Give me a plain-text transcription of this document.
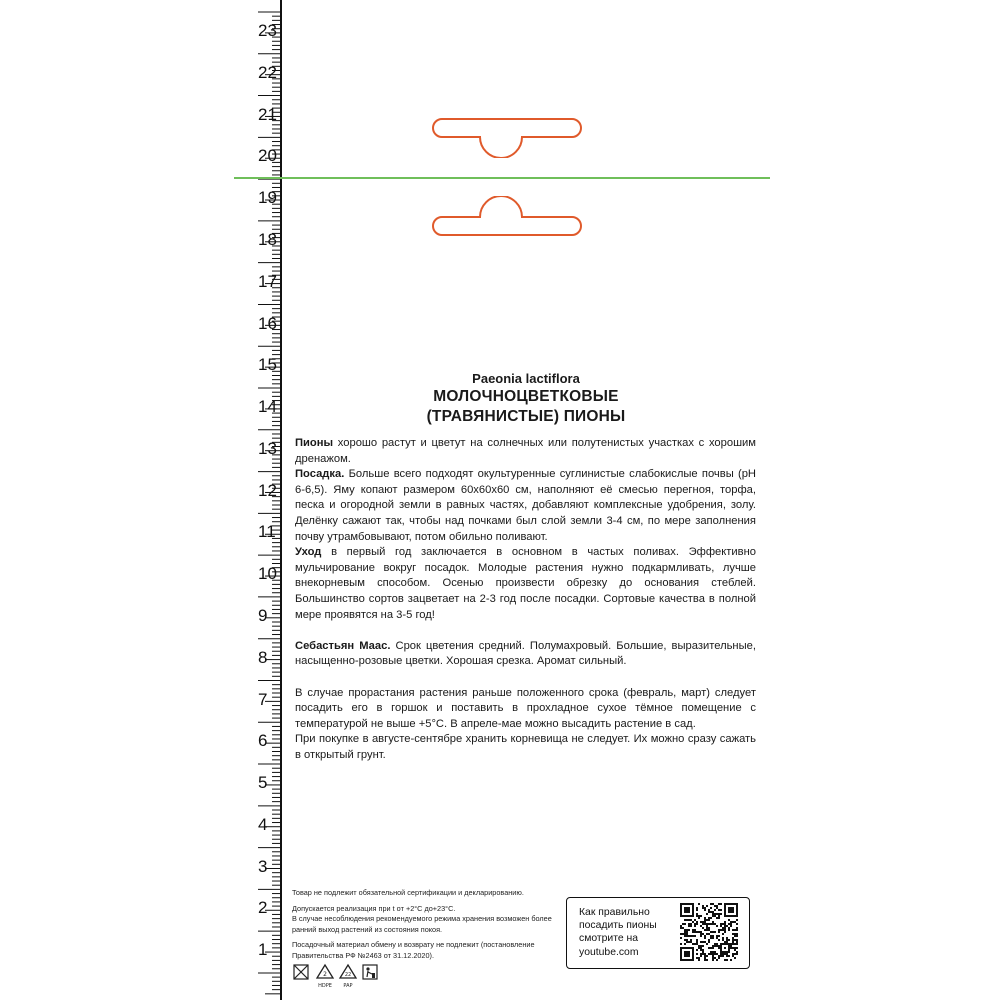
23
22
21
20
19
18
17
16
15
14
13
12
11
10
9
8
7
6
5
4
3
2
1
Paeonia lactiflora
МОЛОЧНОЦВЕТКОВЫЕ
(ТРАВЯНИСТЫЕ) ПИОНЫ

Пионы хорошо растут и цветут на солнечных или полутенистых участках с хорошим дренажом.

Посадка. Больше всего подходят окультуренные суглинистые слабокислые почвы (рН 6-6,5). Яму копают размером 60х60х60 см, наполняют её смесью перегноя, торфа, песка и огородной земли в равных частях, добавляют комплексные удобрения, золу. Делёнку сажают так, чтобы над почками был слой земли 3-4 см, по мере заполнения почву утрамбовывают, потом обильно поливают.

Уход в первый год заключается в основном в частых поливах. Эффективно мульчирование вокруг посадок. Молодые растения нужно подкармливать, лучше внекорневым способом. Осенью произвести обрезку до основания стеблей. Большинство сортов зацветает на 2-3 год после посадки. Сортовые качества в полной мере проявятся на 3-5 год!

Себастьян Маас. Срок цветения средний. Полумахровый. Большие, выразительные, насыщенно-розовые цветки. Хорошая срезка. Аромат сильный.

В случае прорастания растения раньше положенного срока (февраль, март) следует посадить его в горшок и поставить в прохладное сухое тёмное помещение с температурой не выше +5°С. В апреле-мае можно высадить растение в сад.

При покупке в августе-сентябре хранить корневища не следует. Их можно сразу сажать в открытый грунт.

Товар не подлежит обязательной сертификации и декларированию.

Допускается реализация при t от +2°С до+23°С.

В случае несоблюдения рекомендуемого режима хранения возможен более ранний выход растений из состояния покоя.

Посадочный материал обмену и возврату не подлежит (постановление Правительства РФ №2463 от 31.12.2020).

2
HDPE
22
PAP
Как правильно
посадить пионы
смотрите на
youtube.com
